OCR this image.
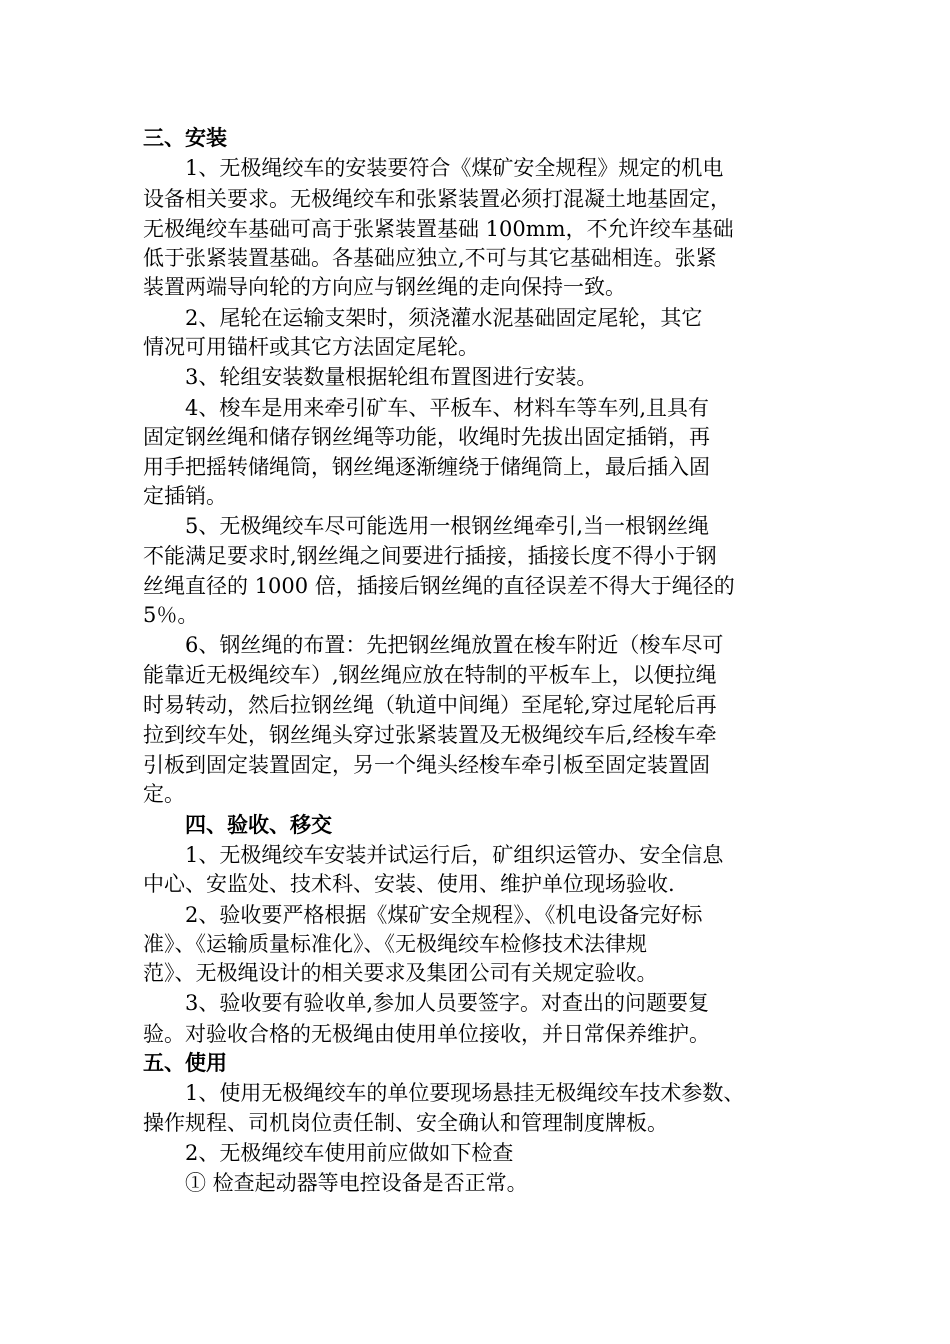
三、安装
　　1、无极绳绞车的安装要符合《煤矿安全规程》规定的机电
设备相关要求。无极绳绞车和张紧装置必须打混凝土地基固定，
无极绳绞车基础可高于张紧装置基础 100mm，不允许绞车基础
低于张紧装置基础。各基础应独立,不可与其它基础相连。张紧
装置两端导向轮的方向应与钢丝绳的走向保持一致。
　　2、尾轮在运输支架时，须浇灌水泥基础固定尾轮，其它
情况可用锚杆或其它方法固定尾轮。
　　3、轮组安装数量根据轮组布置图进行安装。
　　4、梭车是用来牵引矿车、平板车、材料车等车列,且具有
固定钢丝绳和储存钢丝绳等功能，收绳时先拔出固定插销，再
用手把摇转储绳筒，钢丝绳逐渐缠绕于储绳筒上，最后插入固
定插销。
　　5、无极绳绞车尽可能选用一根钢丝绳牵引,当一根钢丝绳
不能满足要求时,钢丝绳之间要进行插接，插接长度不得小于钢
丝绳直径的 1000 倍，插接后钢丝绳的直径误差不得大于绳径的
5％。
　　6、钢丝绳的布置：先把钢丝绳放置在梭车附近（梭车尽可
能靠近无极绳绞车）,钢丝绳应放在特制的平板车上，以便拉绳
时易转动，然后拉钢丝绳（轨道中间绳）至尾轮,穿过尾轮后再
拉到绞车处，钢丝绳头穿过张紧装置及无极绳绞车后,经梭车牵
引板到固定装置固定，另一个绳头经梭车牵引板至固定装置固
定。
　　四、验收、移交
　　1、无极绳绞车安装并试运行后，矿组织运管办、安全信息
中心、安监处、技术科、安装、使用、维护单位现场验收.
　　2、验收要严格根据《煤矿安全规程》、《机电设备完好标
准》、《运输质量标准化》、《无极绳绞车检修技术法律规
范》、无极绳设计的相关要求及集团公司有关规定验收。
　　3、验收要有验收单,参加人员要签字。对查出的问题要复
验。对验收合格的无极绳由使用单位接收，并日常保养维护。
五、使用
　　1、使用无极绳绞车的单位要现场悬挂无极绳绞车技术参数、
操作规程、司机岗位责任制、安全确认和管理制度牌板。
　　2、无极绳绞车使用前应做如下检查
　　① 检查起动器等电控设备是否正常。
